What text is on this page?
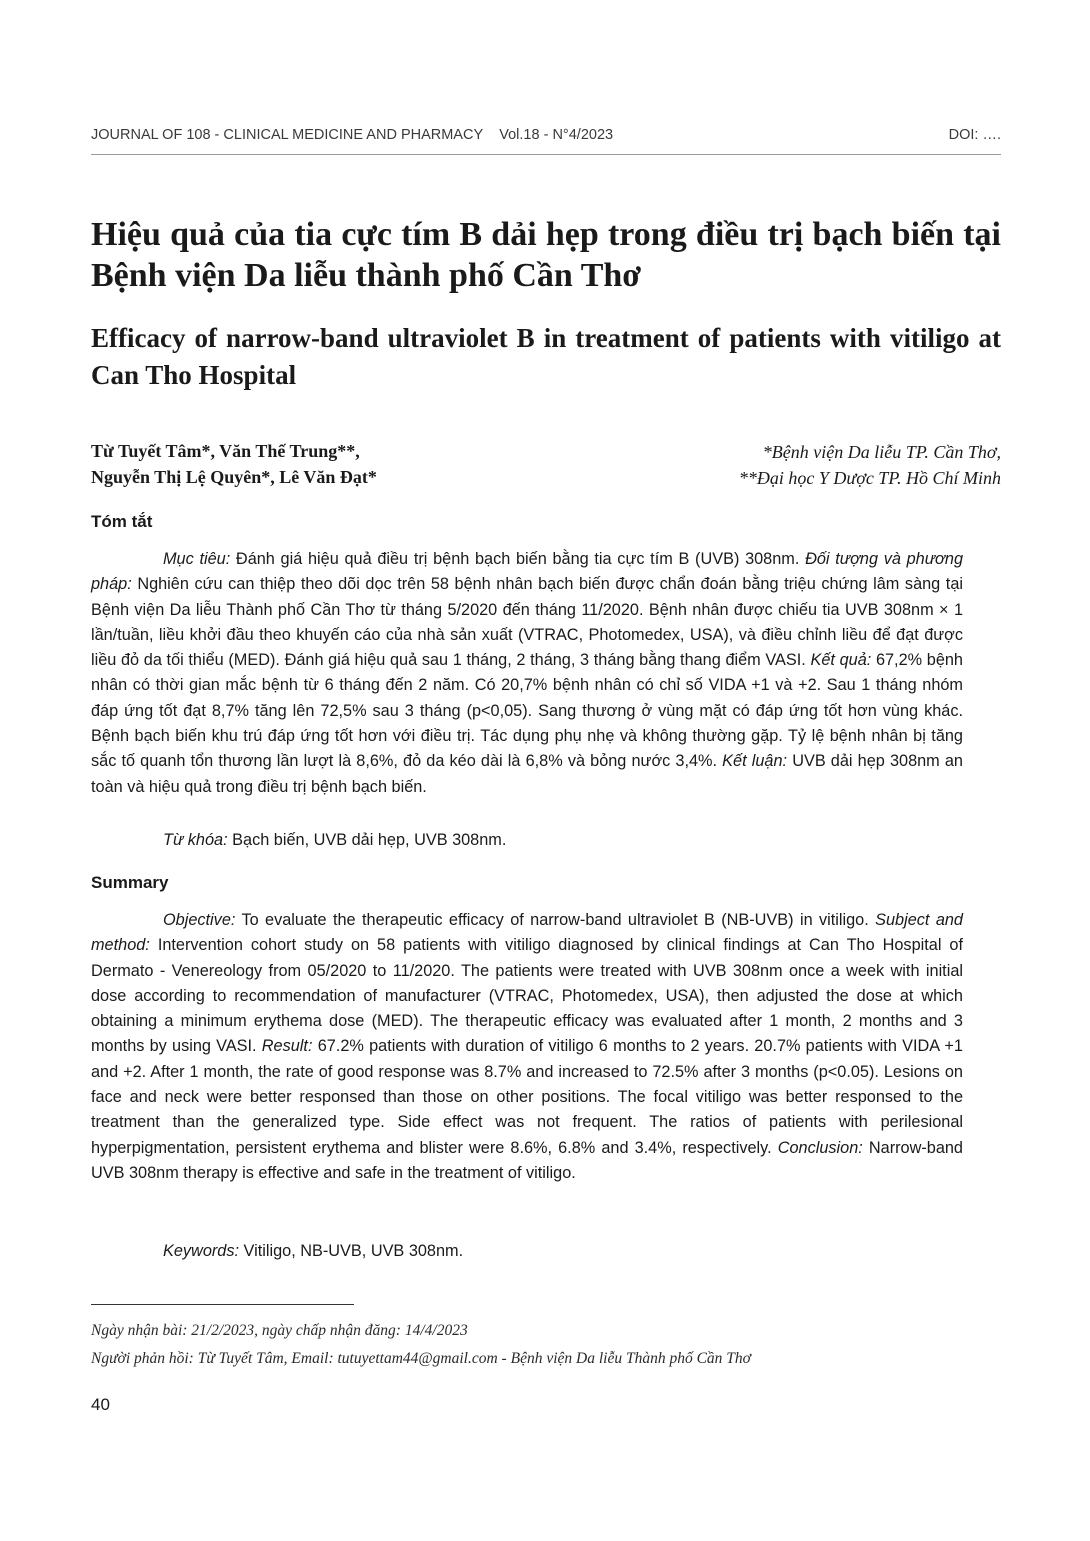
JOURNAL OF 108 - CLINICAL MEDICINE AND PHARMACY Vol.18 - N°4/2023	DOI: ….
Hiệu quả của tia cực tím B dải hẹp trong điều trị bạch biến tại Bệnh viện Da liễu thành phố Cần Thơ
Efficacy of narrow-band ultraviolet B in treatment of patients with vitiligo at Can Tho Hospital
Từ Tuyết Tâm*, Văn Thế Trung**,
Nguyễn Thị Lệ Quyên*, Lê Văn Đạt*
*Bệnh viện Da liễu TP. Cần Thơ,
**Đại học Y Dược TP. Hồ Chí Minh
Tóm tắt

Mục tiêu: Đánh giá hiệu quả điều trị bệnh bạch biến bằng tia cực tím B (UVB) 308nm. Đối tượng và phương pháp: Nghiên cứu can thiệp theo dõi dọc trên 58 bệnh nhân bạch biến được chẩn đoán bằng triệu chứng lâm sàng tại Bệnh viện Da liễu Thành phố Cần Thơ từ tháng 5/2020 đến tháng 11/2020. Bệnh nhân được chiếu tia UVB 308nm × 1 lần/tuần, liều khởi đầu theo khuyến cáo của nhà sản xuất (VTRAC, Photomedex, USA), và điều chỉnh liều để đạt được liều đỏ da tối thiểu (MED). Đánh giá hiệu quả sau 1 tháng, 2 tháng, 3 tháng bằng thang điểm VASI. Kết quả: 67,2% bệnh nhân có thời gian mắc bệnh từ 6 tháng đến 2 năm. Có 20,7% bệnh nhân có chỉ số VIDA +1 và +2. Sau 1 tháng nhóm đáp ứng tốt đạt 8,7% tăng lên 72,5% sau 3 tháng (p<0,05). Sang thương ở vùng mặt có đáp ứng tốt hơn vùng khác. Bệnh bạch biến khu trú đáp ứng tốt hơn với điều trị. Tác dụng phụ nhẹ và không thường gặp. Tỷ lệ bệnh nhân bị tăng sắc tố quanh tổn thương lần lượt là 8,6%, đỏ da kéo dài là 6,8% và bỏng nước 3,4%. Kết luận: UVB dải hẹp 308nm an toàn và hiệu quả trong điều trị bệnh bạch biến.

Từ khóa: Bạch biến, UVB dải hẹp, UVB 308nm.
Summary

Objective: To evaluate the therapeutic efficacy of narrow-band ultraviolet B (NB-UVB) in vitiligo. Subject and method: Intervention cohort study on 58 patients with vitiligo diagnosed by clinical findings at Can Tho Hospital of Dermato - Venereology from 05/2020 to 11/2020. The patients were treated with UVB 308nm once a week with initial dose according to recommendation of manufacturer (VTRAC, Photomedex, USA), then adjusted the dose at which obtaining a minimum erythema dose (MED). The therapeutic efficacy was evaluated after 1 month, 2 months and 3 months by using VASI. Result: 67.2% patients with duration of vitiligo 6 months to 2 years. 20.7% patients with VIDA +1 and +2. After 1 month, the rate of good response was 8.7% and increased to 72.5% after 3 months (p<0.05). Lesions on face and neck were better responsed than those on other positions. The focal vitiligo was better responsed to the treatment than the generalized type. Side effect was not frequent. The ratios of patients with perilesional hyperpigmentation, persistent erythema and blister were 8.6%, 6.8% and 3.4%, respectively. Conclusion: Narrow-band UVB 308nm therapy is effective and safe in the treatment of vitiligo.

Keywords: Vitiligo, NB-UVB, UVB 308nm.
Ngày nhận bài: 21/2/2023, ngày chấp nhận đăng: 14/4/2023
Người phản hồi: Từ Tuyết Tâm, Email: tutuyettam44@gmail.com - Bệnh viện Da liễu Thành phố Cần Thơ
40
